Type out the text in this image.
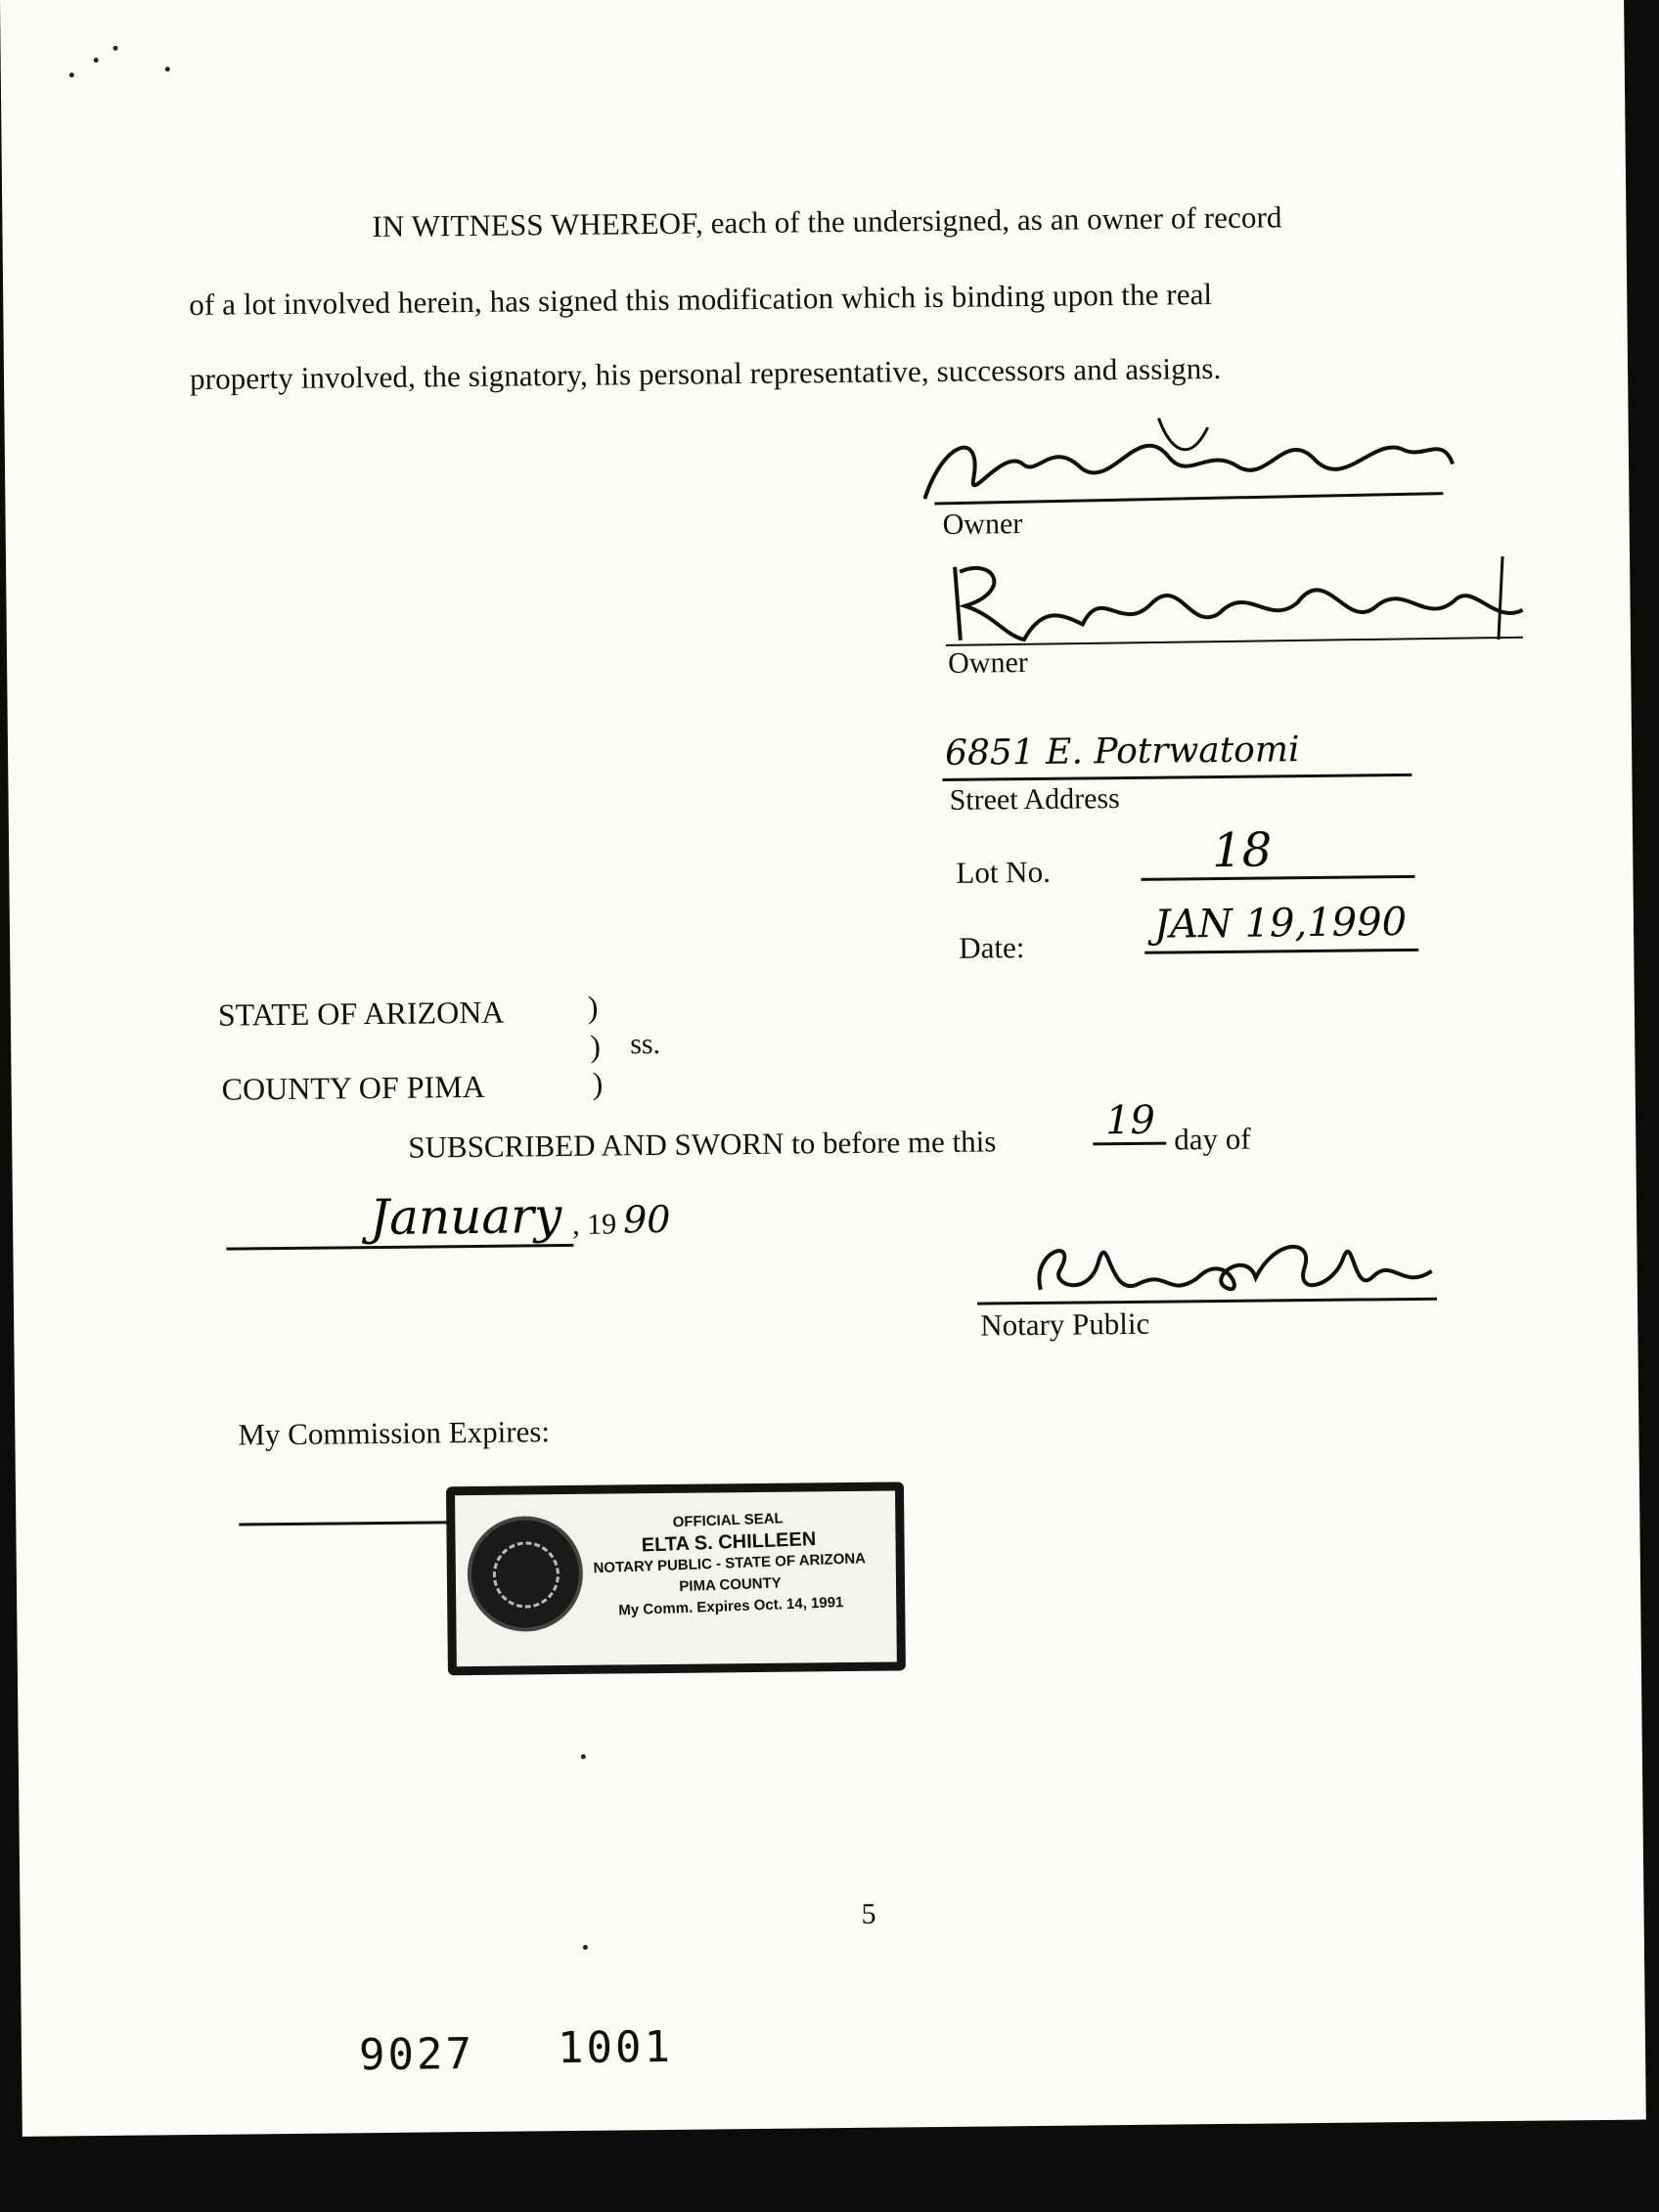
IN WITNESS WHEREOF, each of the undersigned, as an owner of record
of a lot involved herein, has signed this modification which is binding upon the real
property involved, the signatory, his personal representative, successors and assigns.
Owner
Owner
6851 E. Potrwatomi
Street Address
Lot No.	18
Date:
JAN 19,1990
STATE OF ARIZONA	)
) ss.
COUNTY OF PIMA	)
SUBSCRIBED AND SWORN to before me this
19 day of
January , 19 90
Notary Public
My Commission Expires:
OFFICIAL SEAL
ELTA S. CHILLEEN
NOTARY PUBLIC - STATE OF ARIZONA
PIMA COUNTY
My Comm. Expires Oct. 14, 1991
5
9027 1001
